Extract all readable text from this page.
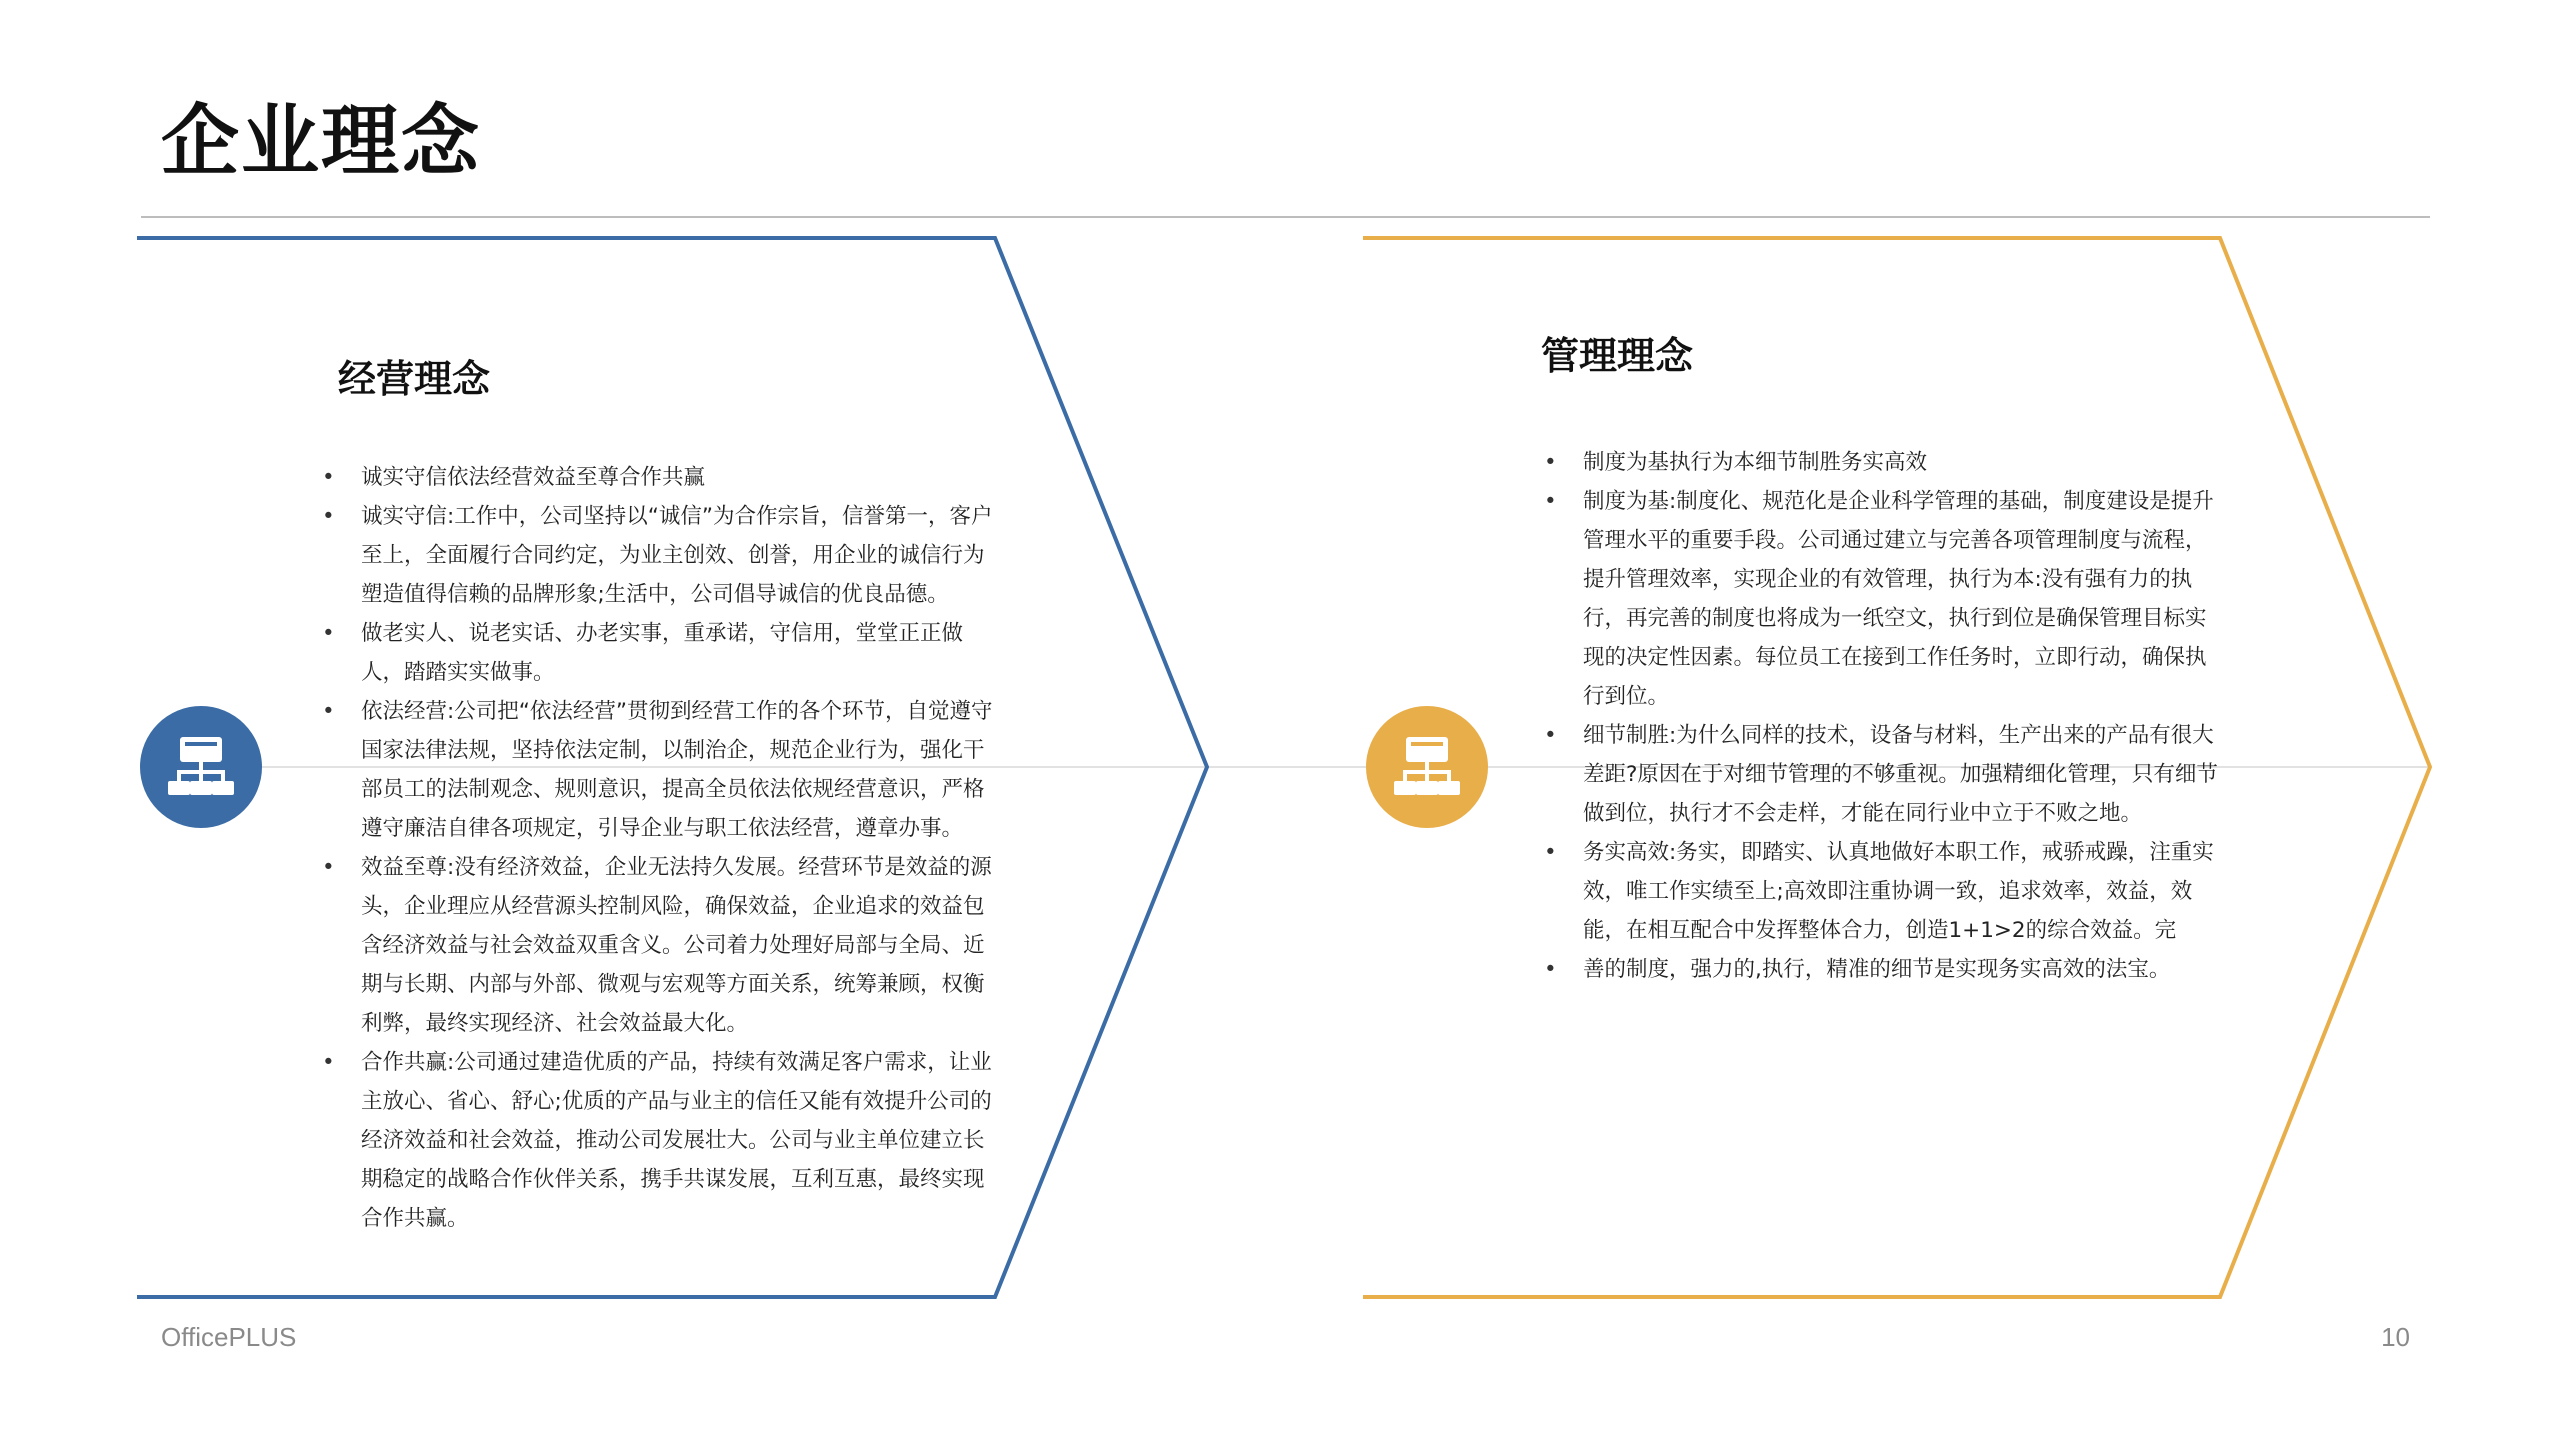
企业理念
经营理念
• 诚实守信依法经营效益至尊合作共赢
• 诚实守信:工作中，公司坚持以“诚信”为合作宗旨，信誉第一，客户至上，全面履行合同约定，为业主创效、创誉，用企业的诚信行为塑造值得信赖的品牌形象;生活中，公司倡导诚信的优良品德。
• 做老实人、说老实话、办老实事，重承诺，守信用，堂堂正正做人，踏踏实实做事。
• 依法经营:公司把“依法经营”贯彻到经营工作的各个环节，自觉遵守国家法律法规，坚持依法定制，以制治企，规范企业行为，强化干部员工的法制观念、规则意识，提高全员依法依规经营意识，严格遵守廉洁自律各项规定，引导企业与职工依法经营，遵章办事。
• 效益至尊:没有经济效益，企业无法持久发展。经营环节是效益的源头，企业理应从经营源头控制风险，确保效益，企业追求的效益包含经济效益与社会效益双重含义。公司着力处理好局部与全局、近期与长期、内部与外部、微观与宏观等方面关系，统筹兼顾，权衡利弊，最终实现经济、社会效益最大化。
• 合作共赢:公司通过建造优质的产品，持续有效满足客户需求，让业主放心、省心、舒心;优质的产品与业主的信任又能有效提升公司的经济效益和社会效益，推动公司发展壮大。公司与业主单位建立长期稳定的战略合作伙伴关系，携手共谋发展，互利互惠，最终实现合作共赢。
管理理念
• 制度为基执行为本细节制胜务实高效
• 制度为基:制度化、规范化是企业科学管理的基础，制度建设是提升管理水平的重要手段。公司通过建立与完善各项管理制度与流程，提升管理效率，实现企业的有效管理，执行为本:没有强有力的执行，再完善的制度也将成为一纸空文，执行到位是确保管理目标实现的决定性因素。每位员工在接到工作任务时，立即行动，确保执行到位。
• 细节制胜:为什么同样的技术，设备与材料，生产出来的产品有很大差距?原因在于对细节管理的不够重视。加强精细化管理，只有细节做到位，执行才不会走样，才能在同行业中立于不败之地。
• 务实高效:务实，即踏实、认真地做好本职工作，戒骄戒躁，注重实效，唯工作实绩至上;高效即注重协调一致，追求效率，效益，效能，在相互配合中发挥整体合力，创造1+1>2的综合效益。完
• 善的制度，强力的,执行，精准的细节是实现务实高效的法宝。
OfficePLUS	10
